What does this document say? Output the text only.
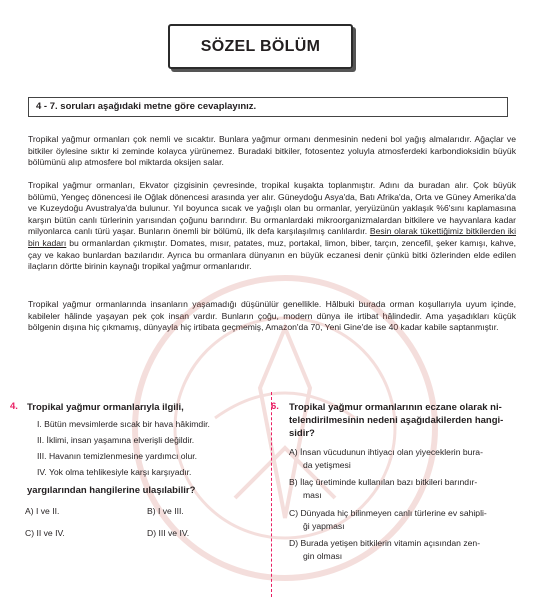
SÖZEL BÖLÜM
4 - 7. soruları aşağıdaki metne göre cevaplayınız.

Tropikal yağmur ormanları çok nemli ve sıcaktır. Bunlara yağmur ormanı denmesinin nedeni bol yağış almalarıdır. Ağaçlar ve bitkiler öylesine sıktır ki zeminde kolayca yürünemez. Buradaki bitkiler, fotosentez yoluyla atmosferdeki karbondioksidin büyük bölümünü alıp atmosfere bol miktarda oksijen salar.

Tropikal yağmur ormanları, Ekvator çizgisinin çevresinde, tropikal kuşakta toplanmıştır. Adını da buradan alır. Çok büyük bölümü, Yengeç dönencesi ile Oğlak dönencesi arasında yer alır. Güneydoğu Asya'da, Batı Afrika'da, Orta ve Güney Amerika'da ve Kuzeydoğu Avustralya'da bulunur. Yıl boyunca sıcak ve yağışlı olan bu ormanlar, yeryüzünün yaklaşık %6'sını kaplamasına karşın bütün canlı türlerinin yarısından çoğunu barındırır. Bu ormanlardaki mikroorganizmalardan bitkilere ve hayvanlara kadar milyonlarca canlı türü yaşar. Bunların önemli bir bölümü, ilk defa karşılaşılmış canlılardır. Besin olarak tükettiğimiz bitkilerden iki bin kadarı bu ormanlardan çıkmıştır. Domates, mısır, patates, muz, portakal, limon, biber, tarçın, zencefil, şeker kamışı, kahve, çay ve kakao bunlardan bazılarıdır. Ayrıca bu ormanlara dünyanın en büyük eczanesi denir çünkü bitki özlerinden elde edilen ilaçların dörtte birinin kaynağı tropikal yağmur ormanlarıdır.

Tropikal yağmur ormanlarında insanların yaşamadığı düşünülür genellikle. Hâlbuki burada orman koşullarıyla uyum içinde, kabileler hâlinde yaşayan pek çok insan vardır. Bunların çoğu, modern dünya ile irtibat hâlindedir. Ama yaşadıkları küçük bölgenin dışına hiç çıkmamış, dünyayla hiç irtibata geçmemiş, Amazon'da 70, Yeni Gine'de ise 40 kadar kabile saptanmıştır.

4. Tropikal yağmur ormanlarıyla ilgili,
I. Bütün mevsimlerde sıcak bir hava hâkimdir.
II. İklimi, insan yaşamına elverişli değildir.
III. Havanın temizlenmesine yardımcı olur.
IV. Yok olma tehlikesiyle karşı karşıyadır.
yargılarından hangilerine ulaşılabilir?
A) I ve II.	B) I ve III.
C) II ve IV.	D) III ve IV.
6. Tropikal yağmur ormanlarının eczane olarak ni-
telendirilmesinin nedeni aşağıdakilerden hangi-
sidir?
A) İnsan vücudunun ihtiyacı olan yiyeceklerin bura-
da yetişmesi
B) İlaç üretiminde kullanılan bazı bitkileri barındır-
ması
C) Dünyada hiç bilinmeyen canlı türlerine ev sahipli-
ği yapması
D) Burada yetişen bitkilerin vitamin açısından zen-
gin olması
